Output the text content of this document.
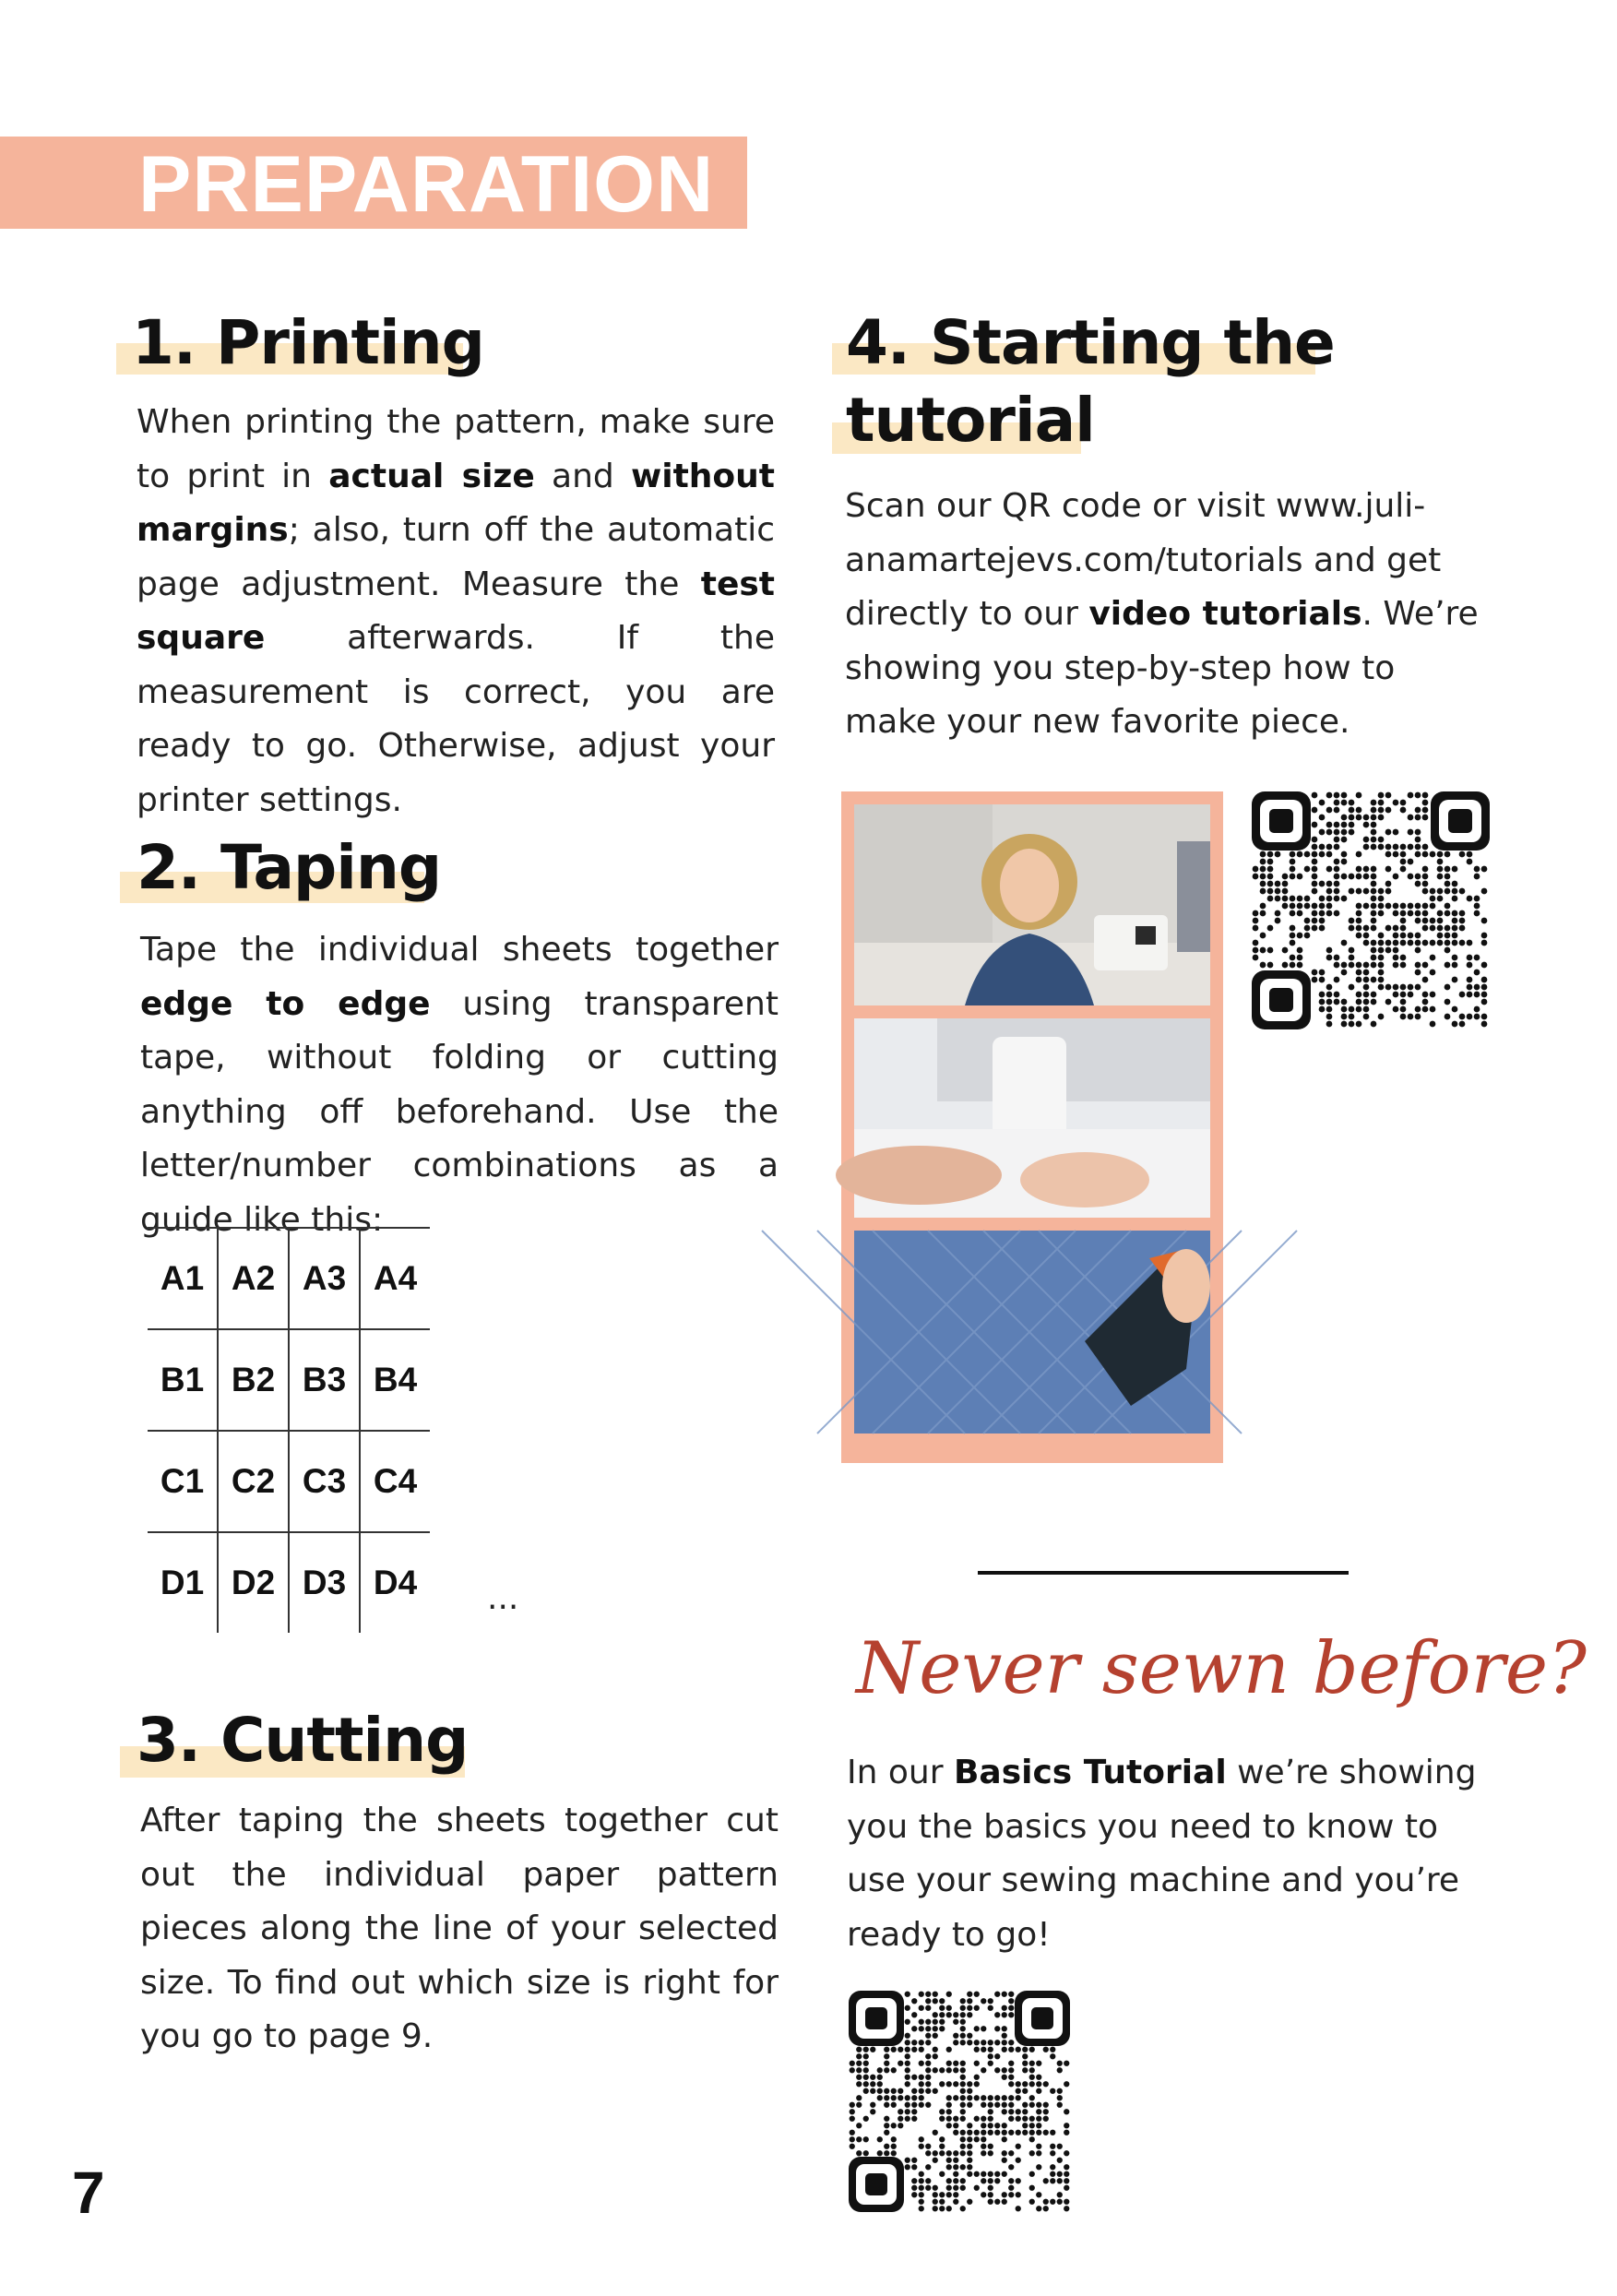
PREPARATION
1. Printing

When printing the pattern, make sure to print in actual size and without margins; also, turn off the automatic page adjustment. Measure the test square afterwards. If the measurement is correct, you are ready to go. Otherwise, adjust your printer settings.

2. Taping

Tape the individual sheets together edge to edge using transparent tape, without folding or cutting anything off beforehand. Use the letter/number combinations as a guide like this:

A1 A2 A3 A4
B1 B2 B3 B4
C1 C2 C3 C4
D1 D2 D3 D4	...
3. Cutting

After taping the sheets together cut out the individual paper pattern pieces along the line of your selected size. To find out which size is right for you go to page 9.

4. Starting the
tutorial

Scan our QR code or visit www.juli-anamartejevs.com/tutorials and get directly to our video tutorials. We’re showing you step-by-step how to make your new favorite piece.

Never sewn before?

In our Basics Tutorial we’re showing you the basics you need to know to use your sewing machine and you’re ready to go!

7
